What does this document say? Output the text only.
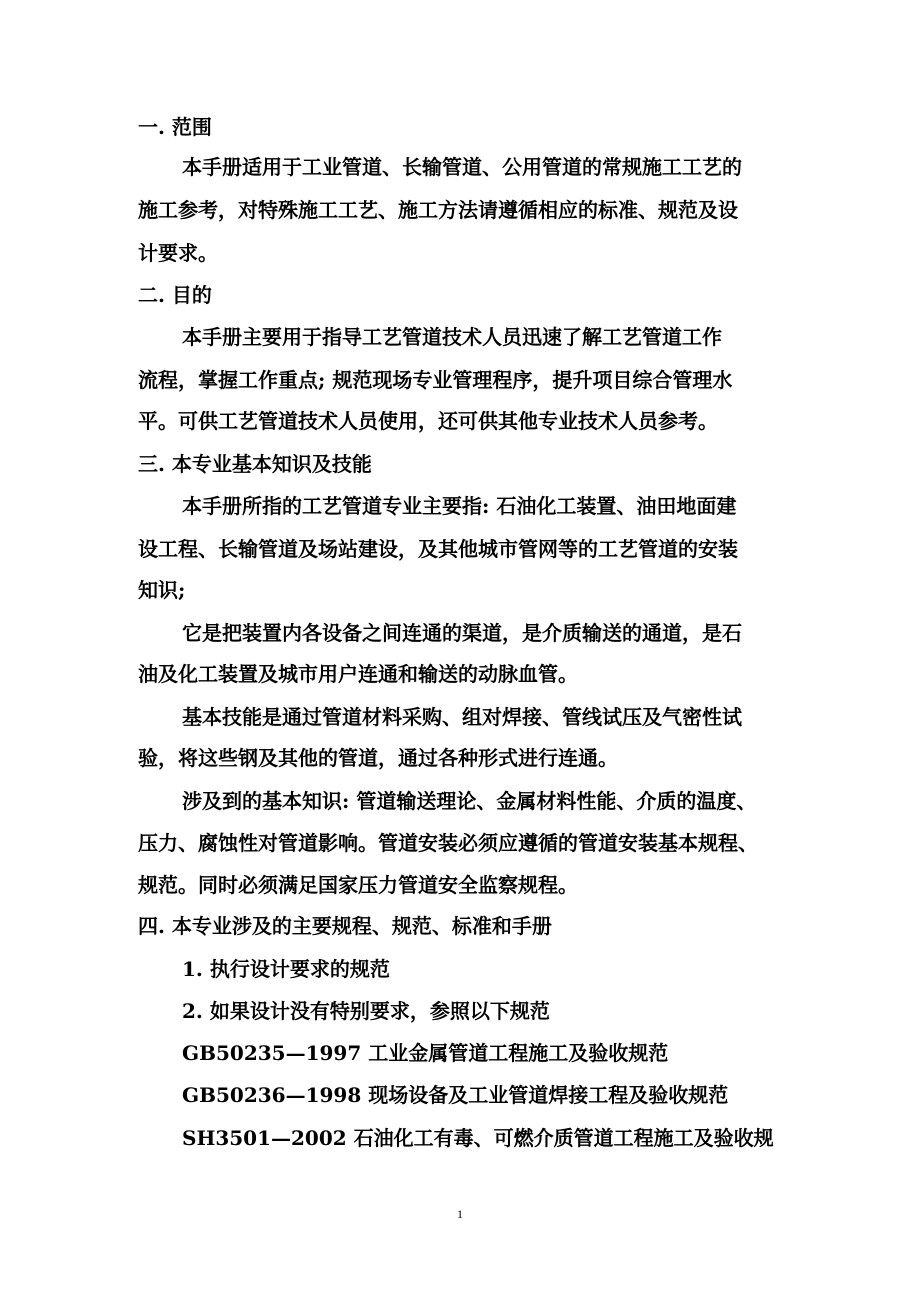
一. 范围
本手册适用于工业管道、长输管道、公用管道的常规施工工艺的
施工参考，对特殊施工工艺、施工方法请遵循相应的标准、规范及设
计要求。
二. 目的
本手册主要用于指导工艺管道技术人员迅速了解工艺管道工作
流程，掌握工作重点; 规范现场专业管理程序，提升项目综合管理水
平。可供工艺管道技术人员使用，还可供其他专业技术人员参考。
三. 本专业基本知识及技能
本手册所指的工艺管道专业主要指: 石油化工装置、油田地面建
设工程、长输管道及场站建设，及其他城市管网等的工艺管道的安装
知识;
它是把装置内各设备之间连通的渠道，是介质输送的通道，是石
油及化工装置及城市用户连通和输送的动脉血管。
基本技能是通过管道材料采购、组对焊接、管线试压及气密性试
验，将这些钢及其他的管道，通过各种形式进行连通。
涉及到的基本知识: 管道输送理论、金属材料性能、介质的温度、
压力、腐蚀性对管道影响。管道安装必须应遵循的管道安装基本规程、
规范。同时必须满足国家压力管道安全监察规程。
四. 本专业涉及的主要规程、规范、标准和手册
1. 执行设计要求的规范
2. 如果设计没有特别要求，参照以下规范
GB50235—1997 工业金属管道工程施工及验收规范
GB50236—1998 现场设备及工业管道焊接工程及验收规范
SH3501—2002 石油化工有毒、可燃介质管道工程施工及验收规
1
